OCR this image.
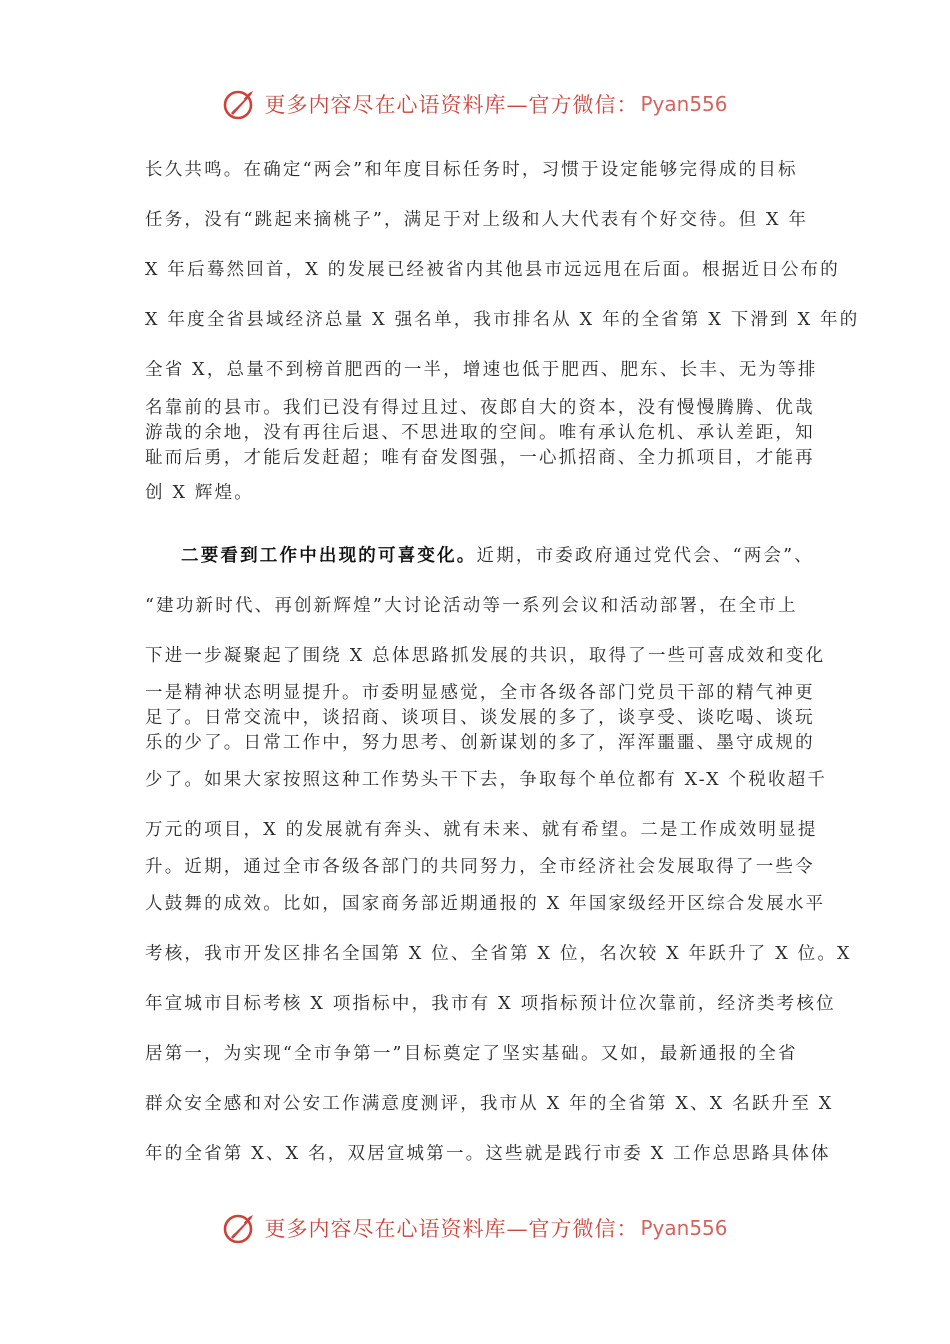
更多内容尽在心语资料库—官方微信： Pyan556
长久共鸣。在确定“两会”和年度目标任务时，习惯于设定能够完得成的目标
任务，没有“跳起来摘桃子”，满足于对上级和人大代表有个好交待。但 X 年
X 年后蓦然回首，X 的发展已经被省内其他县市远远甩在后面。根据近日公布的
X 年度全省县域经济总量 X 强名单，我市排名从 X 年的全省第 X 下滑到 X 年的
全省 X，总量不到榜首肥西的一半，增速也低于肥西、肥东、长丰、无为等排
名靠前的县市。我们已没有得过且过、夜郎自大的资本，没有慢慢腾腾、优哉
游哉的余地，没有再往后退、不思进取的空间。唯有承认危机、承认差距，知
耻而后勇，才能后发赶超；唯有奋发图强，一心抓招商、全力抓项目，才能再
创 X 辉煌。
二要看到工作中出现的可喜变化。近期，市委政府通过党代会、“两会”、
“建功新时代、再创新辉煌”大讨论活动等一系列会议和活动部署，在全市上
下进一步凝聚起了围绕 X 总体思路抓发展的共识，取得了一些可喜成效和变化
一是精神状态明显提升。市委明显感觉，全市各级各部门党员干部的精气神更
足了。日常交流中，谈招商、谈项目、谈发展的多了，谈享受、谈吃喝、谈玩
乐的少了。日常工作中，努力思考、创新谋划的多了，浑浑噩噩、墨守成规的
少了。如果大家按照这种工作势头干下去，争取每个单位都有 X-X 个税收超千
万元的项目，X 的发展就有奔头、就有未来、就有希望。二是工作成效明显提
升。近期，通过全市各级各部门的共同努力，全市经济社会发展取得了一些令
人鼓舞的成效。比如，国家商务部近期通报的 X 年国家级经开区综合发展水平
考核，我市开发区排名全国第 X 位、全省第 X 位，名次较 X 年跃升了 X 位。X
年宣城市目标考核 X 项指标中，我市有 X 项指标预计位次靠前，经济类考核位
居第一，为实现“全市争第一”目标奠定了坚实基础。又如，最新通报的全省
群众安全感和对公安工作满意度测评，我市从 X 年的全省第 X、X 名跃升至 X
年的全省第 X、X 名，双居宣城第一。这些就是践行市委 X 工作总思路具体体
更多内容尽在心语资料库—官方微信： Pyan556
